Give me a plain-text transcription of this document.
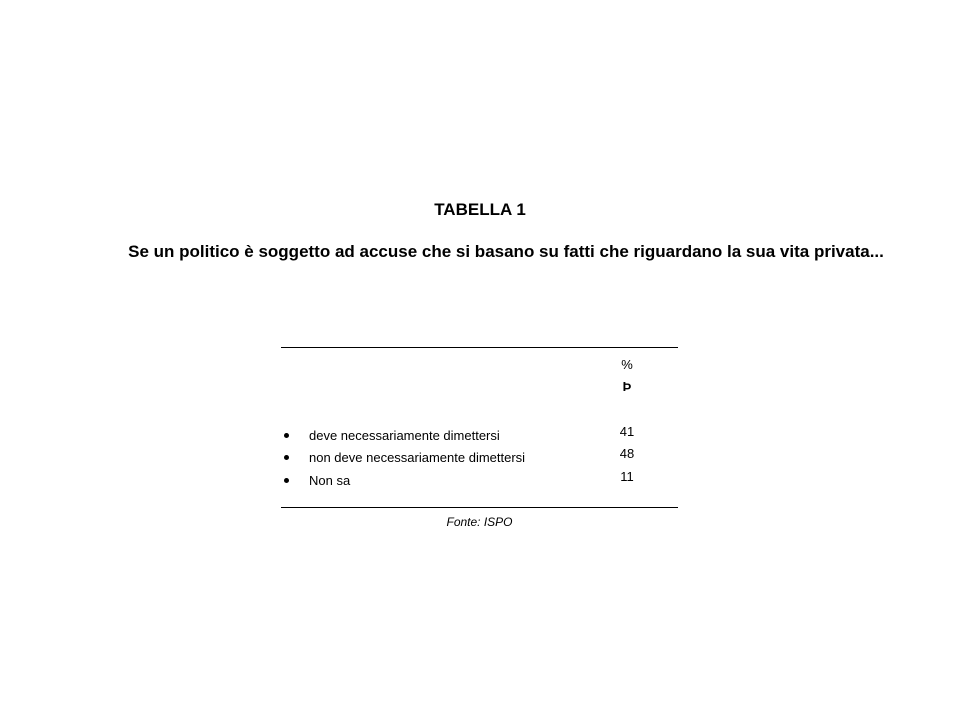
TABELLA 1
Se un politico è soggetto ad accuse che si basano su fatti che riguardano la sua vita privata...
%
Þ
deve necessariamente dimettersi	41
non deve necessariamente dimettersi	48
Non sa	11
Fonte: ISPO
